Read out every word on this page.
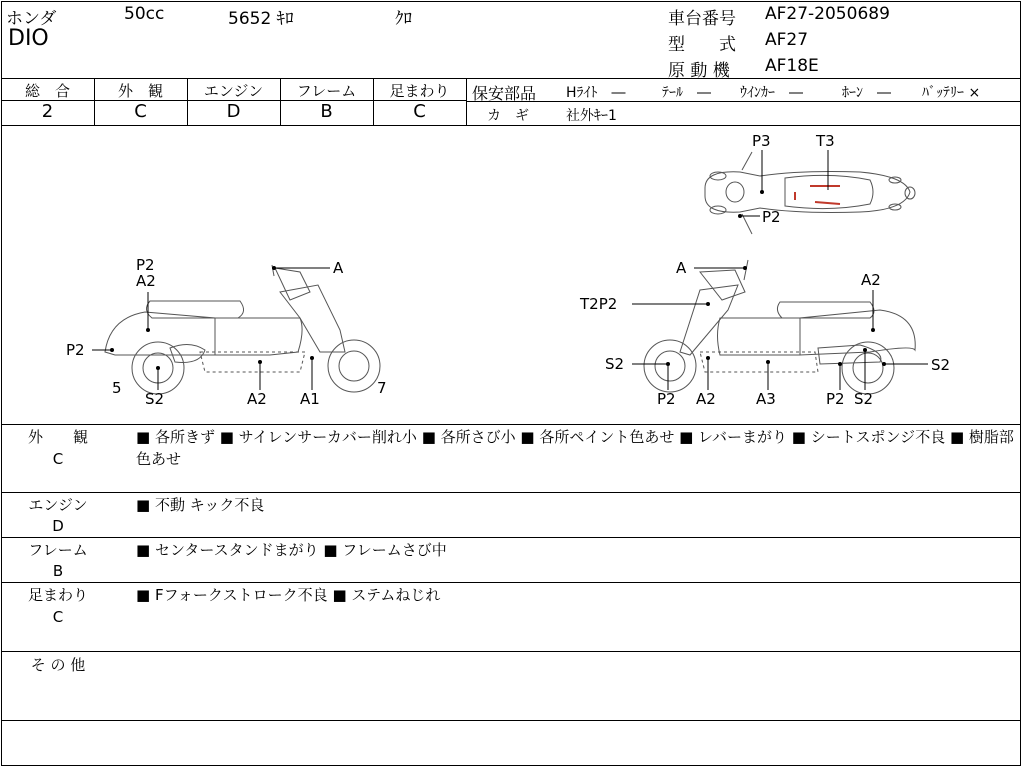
ホンダ	50cc	5652 ｷﾛ	ｸﾛ
DIO
車台番号 AF27-2050689
型　　式 AF27
原 動 機 AF18E
総　合	外　観	エンジン	フレーム	足まわり
2	C	D	B	C
保安部品 Hﾗｲﾄ　―	ﾃｰﾙ　― ｳｲﾝｶｰ　―	ﾎｰﾝ　― ﾊﾞｯﾃﾘｰ ×
カ　ギ	社外ｷｰ1
P3	T3
P2
P2
A2
A
P2
5
S2	A2 A1
7
A
A2
T2P2
S2	S2
P2 A2	A3	P2 S2
外　　観
C
■ 各所きず ■ サイレンサーカバー削れ小 ■ 各所さび小 ■ 各所ペイント色あせ ■ レバーまがり ■ シートスポンジ不良 ■ 樹脂部色あせ
エンジン
D
■ 不動 キック不良
フレーム
B
■ センタースタンドまがり ■ フレームさび中
足まわり
C
■ Fフォークストローク不良 ■ ステムねじれ
そ の 他
